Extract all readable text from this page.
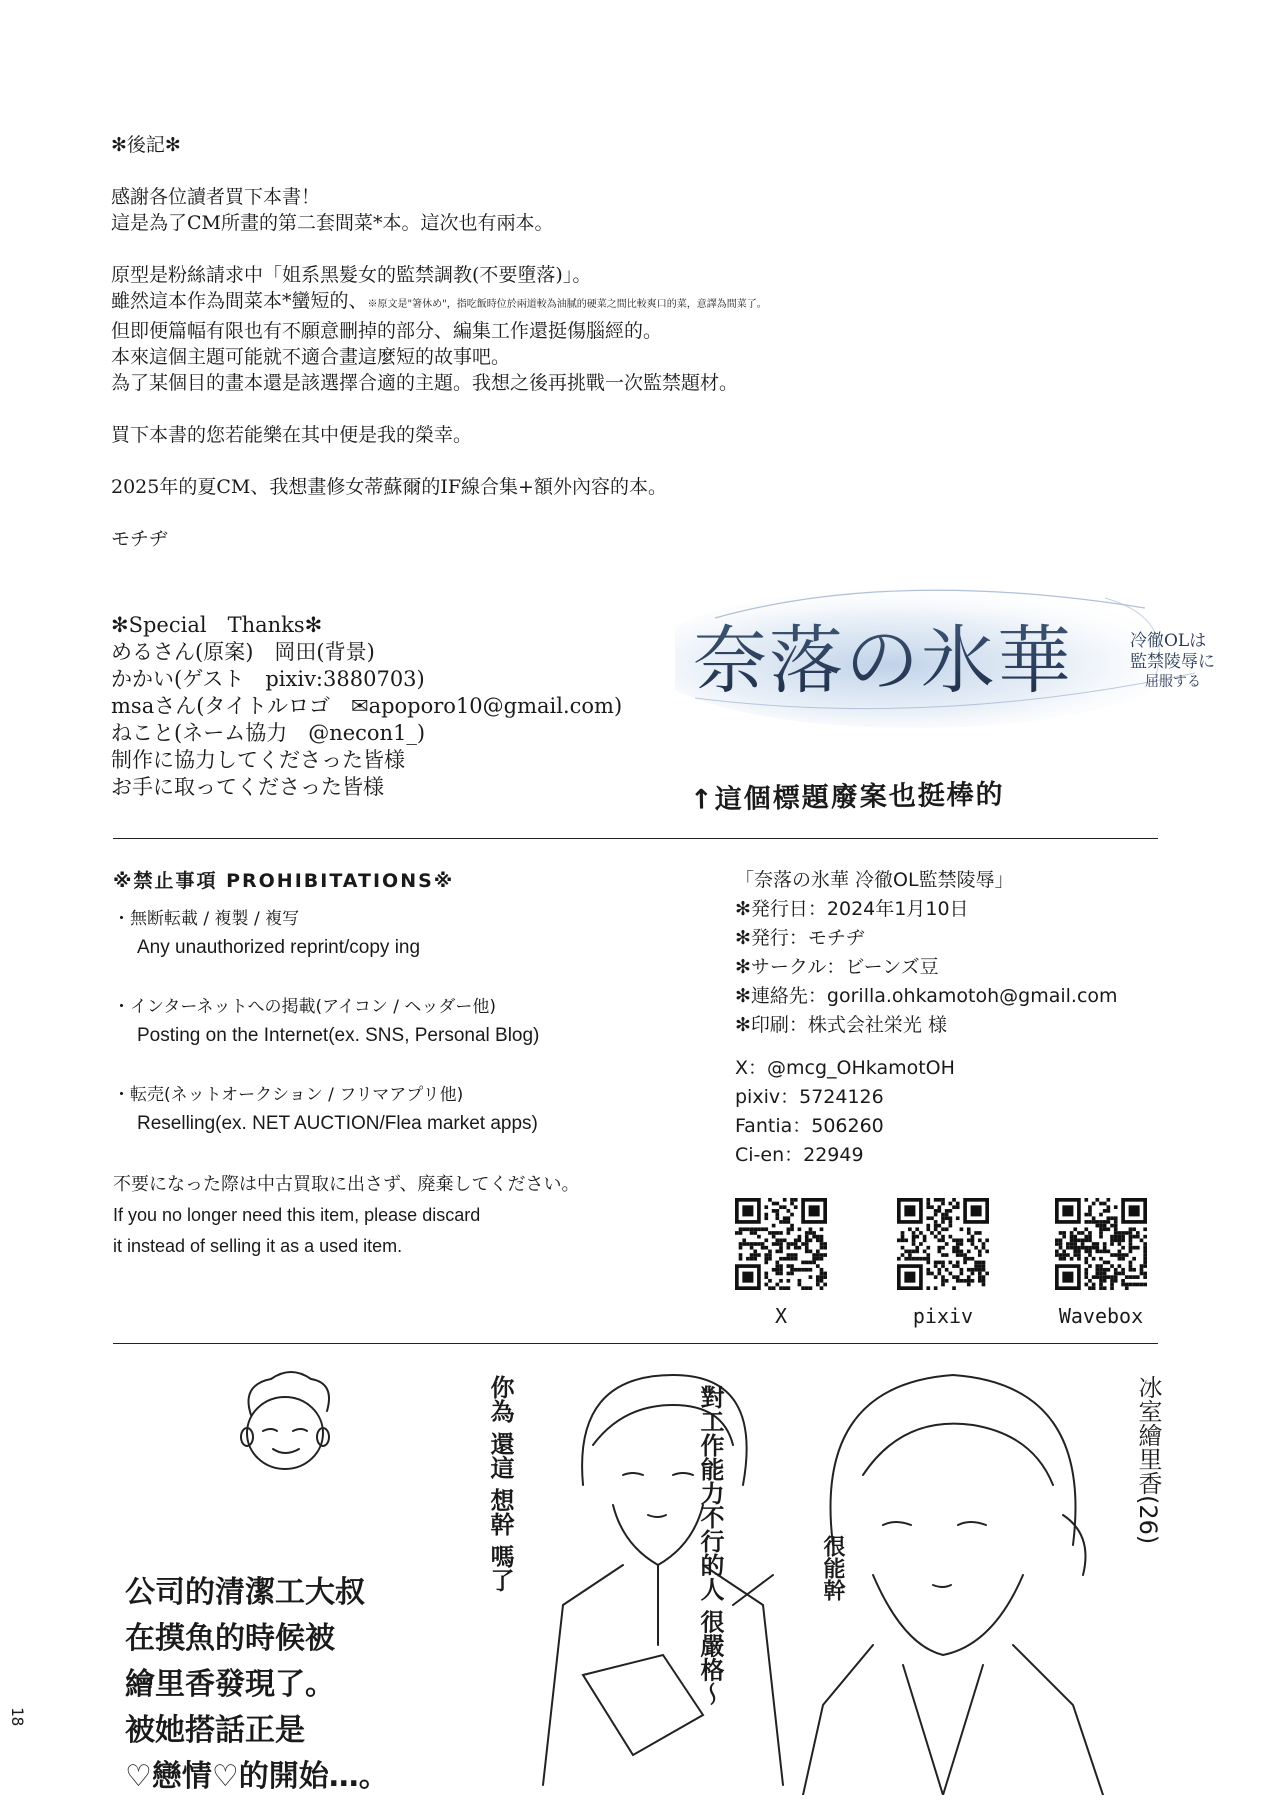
✻後記✻

感謝各位讀者買下本書！

這是為了CM所畫的第二套間菜*本。這次也有兩本。

原型是粉絲請求中「姐系黑髮女的監禁調教(不要墮落)」。

雖然這本作為間菜本*蠻短的、※原文是"箸休め"，指吃飯時位於兩道較為油膩的硬菜之間比較爽口的菜，意譯為間菜了。

但即便篇幅有限也有不願意刪掉的部分、編集工作還挺傷腦經的。

本來這個主題可能就不適合畫這麼短的故事吧。

為了某個目的畫本還是該選擇合適的主題。我想之後再挑戰一次監禁題材。

買下本書的您若能樂在其中便是我的榮幸。

2025年的夏CM、我想畫修女蒂蘇爾的IF線合集+額外內容的本。

モチヂ

✻Special　Thanks✻

めるさん(原案)　岡田(背景)

かかい(ゲスト　pixiv:3880703)

msaさん(タイトルロゴ　✉apoporo10@gmail.com)

ねこと(ネーム協力　@necon1_)

制作に協力してくださった皆様

お手に取ってくださった皆様

奈落の氷華	冷徹OLは
監禁陵辱に
屈服する
↑這個標題廢案也挺棒的

※禁止事項 PROHIBITATIONS※

・無断転載 / 複製 / 複写

Any unauthorized reprint/copy ing

・インターネットへの掲載(アイコン / ヘッダー他)

Posting on the Internet(ex. SNS, Personal Blog)

・転売(ネットオークション / フリマアプリ他)

Reselling(ex. NET AUCTION/Flea market apps)

不要になった際は中古買取に出さず、廃棄してください。

If you no longer need this item, please discard

it instead of selling it as a used item.

「奈落の氷華 冷徹OL監禁陵辱」

✻発行日：2024年1月10日

✻発行：モチヂ

✻サークル：ビーンズ豆

✻連絡先：gorilla.ohkamotoh@gmail.com

✻印刷：株式会社栄光 様

X：@mcg_OHkamotOH

pixiv：5724126

Fantia：506260

Ci-en：22949

X	pixiv	Wavebox

公司的清潔工大叔

在摸魚的時候被

繪里香發現了。

被她搭話正是

♡戀情♡的開始…。

你為 還這 想幹 嗎了	對工作能力不行的人 很嚴格～
很能幹
冰室繪里香(26)
18
